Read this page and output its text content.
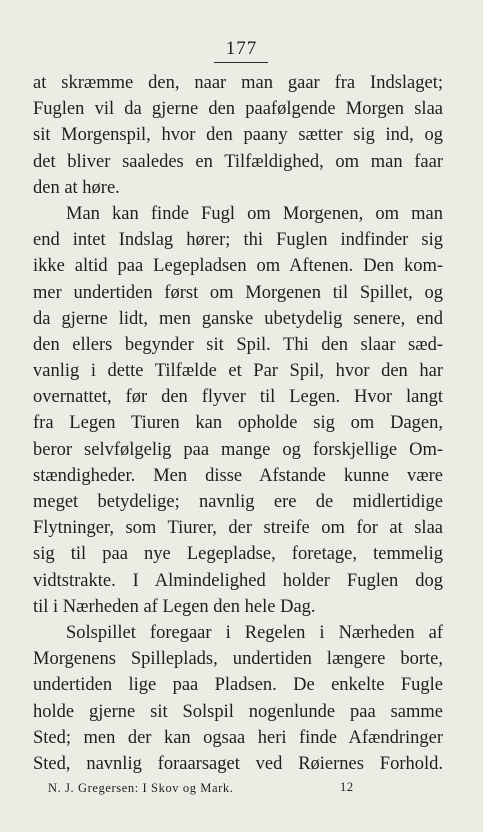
177
at skræmme den, naar man gaar fra Indslaget;
Fuglen vil da gjerne den paafølgende Morgen slaa
sit Morgenspil, hvor den paany sætter sig ind, og
det bliver saaledes en Tilfældighed, om man faar
den at høre.
Man kan finde Fugl om Morgenen, om man
end intet Indslag hører; thi Fuglen indfinder sig
ikke altid paa Legepladsen om Aftenen. Den kom-
mer undertiden først om Morgenen til Spillet, og
da gjerne lidt, men ganske ubetydelig senere, end
den ellers begynder sit Spil. Thi den slaar sæd-
vanlig i dette Tilfælde et Par Spil, hvor den har
overnattet, før den flyver til Legen. Hvor langt
fra Legen Tiuren kan opholde sig om Dagen,
beror selvfølgelig paa mange og forskjellige Om-
stændigheder. Men disse Afstande kunne være
meget betydelige; navnlig ere de midlertidige
Flytninger, som Tiurer, der streife om for at slaa
sig til paa nye Legepladse, foretage, temmelig
vidtstrakte. I Almindelighed holder Fuglen dog
til i Nærheden af Legen den hele Dag.
Solspillet foregaar i Regelen i Nærheden af
Morgenens Spilleplads, undertiden længere borte,
undertiden lige paa Pladsen. De enkelte Fugle
holde gjerne sit Solspil nogenlunde paa samme
Sted; men der kan ogsaa heri finde Afændringer
Sted, navnlig foraarsaget ved Røiernes Forhold.
N. J. Gregersen: I Skov og Mark.	12
